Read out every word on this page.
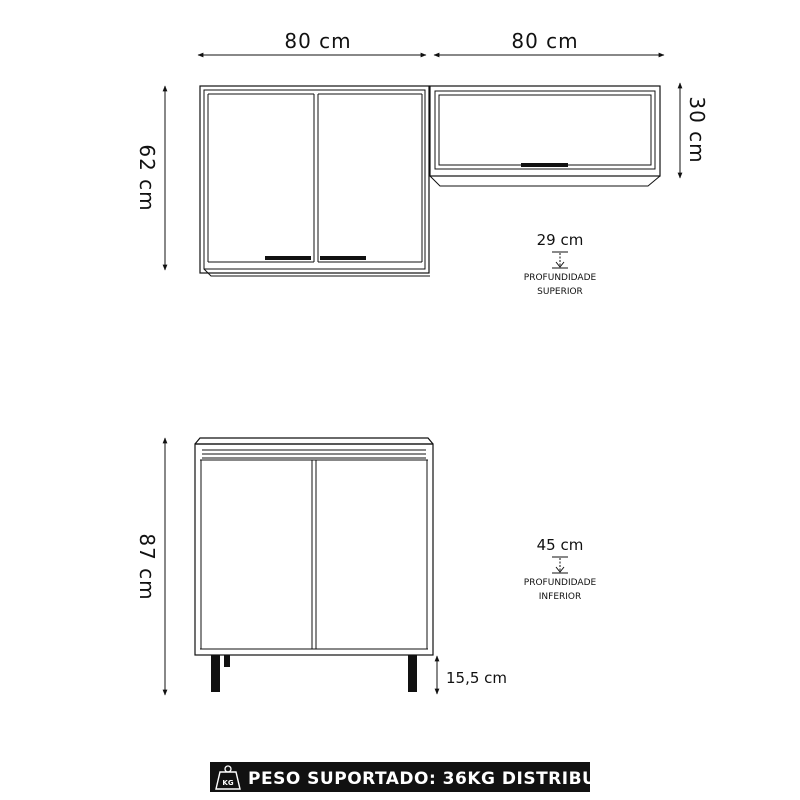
80 cm	80 cm
62 cm
30 cm
29 cm
PROFUNDIDADE
SUPERIOR
87 cm
15,5 cm
45 cm
PROFUNDIDADE
INFERIOR
KG PESO SUPORTADO: 36KG DISTRIBUÍDOS
